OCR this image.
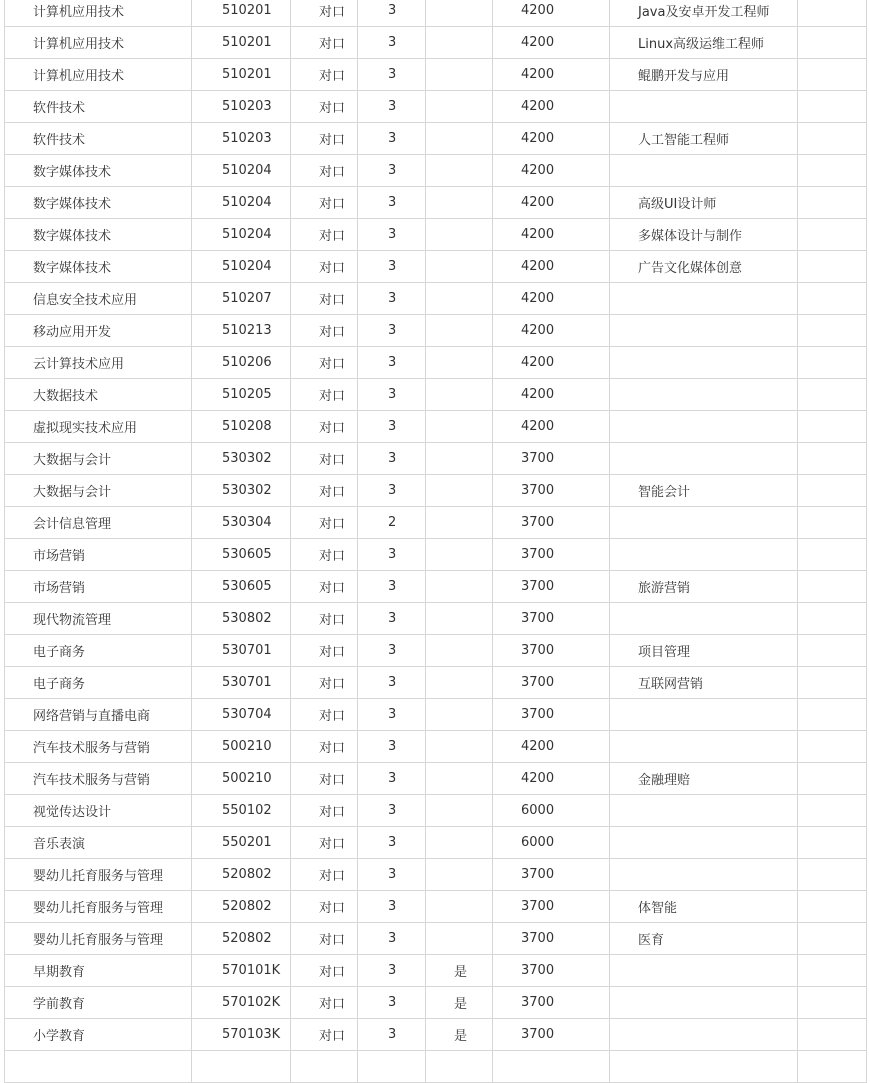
计算机应用技术	510201	对口	3		4200	Java及安卓开发工程师	
计算机应用技术	510201	对口	3		4200	Linux高级运维工程师	
计算机应用技术	510201	对口	3		4200	鲲鹏开发与应用	
软件技术	510203	对口	3		4200		
软件技术	510203	对口	3		4200	人工智能工程师	
数字媒体技术	510204	对口	3		4200		
数字媒体技术	510204	对口	3		4200	高级UI设计师	
数字媒体技术	510204	对口	3		4200	多媒体设计与制作	
数字媒体技术	510204	对口	3		4200	广告文化媒体创意	
信息安全技术应用	510207	对口	3		4200		
移动应用开发	510213	对口	3		4200		
云计算技术应用	510206	对口	3		4200		
大数据技术	510205	对口	3		4200		
虚拟现实技术应用	510208	对口	3		4200		
大数据与会计	530302	对口	3		3700		
大数据与会计	530302	对口	3		3700	智能会计	
会计信息管理	530304	对口	2		3700		
市场营销	530605	对口	3		3700		
市场营销	530605	对口	3		3700	旅游营销	
现代物流管理	530802	对口	3		3700		
电子商务	530701	对口	3		3700	项目管理	
电子商务	530701	对口	3		3700	互联网营销	
网络营销与直播电商	530704	对口	3		3700		
汽车技术服务与营销	500210	对口	3		4200		
汽车技术服务与营销	500210	对口	3		4200	金融理赔	
视觉传达设计	550102	对口	3		6000		
音乐表演	550201	对口	3		6000		
婴幼儿托育服务与管理	520802	对口	3		3700		
婴幼儿托育服务与管理	520802	对口	3		3700	体智能	
婴幼儿托育服务与管理	520802	对口	3		3700	医育	
早期教育	570101K	对口	3	是	3700		
学前教育	570102K	对口	3	是	3700		
小学教育	570103K	对口	3	是	3700		
